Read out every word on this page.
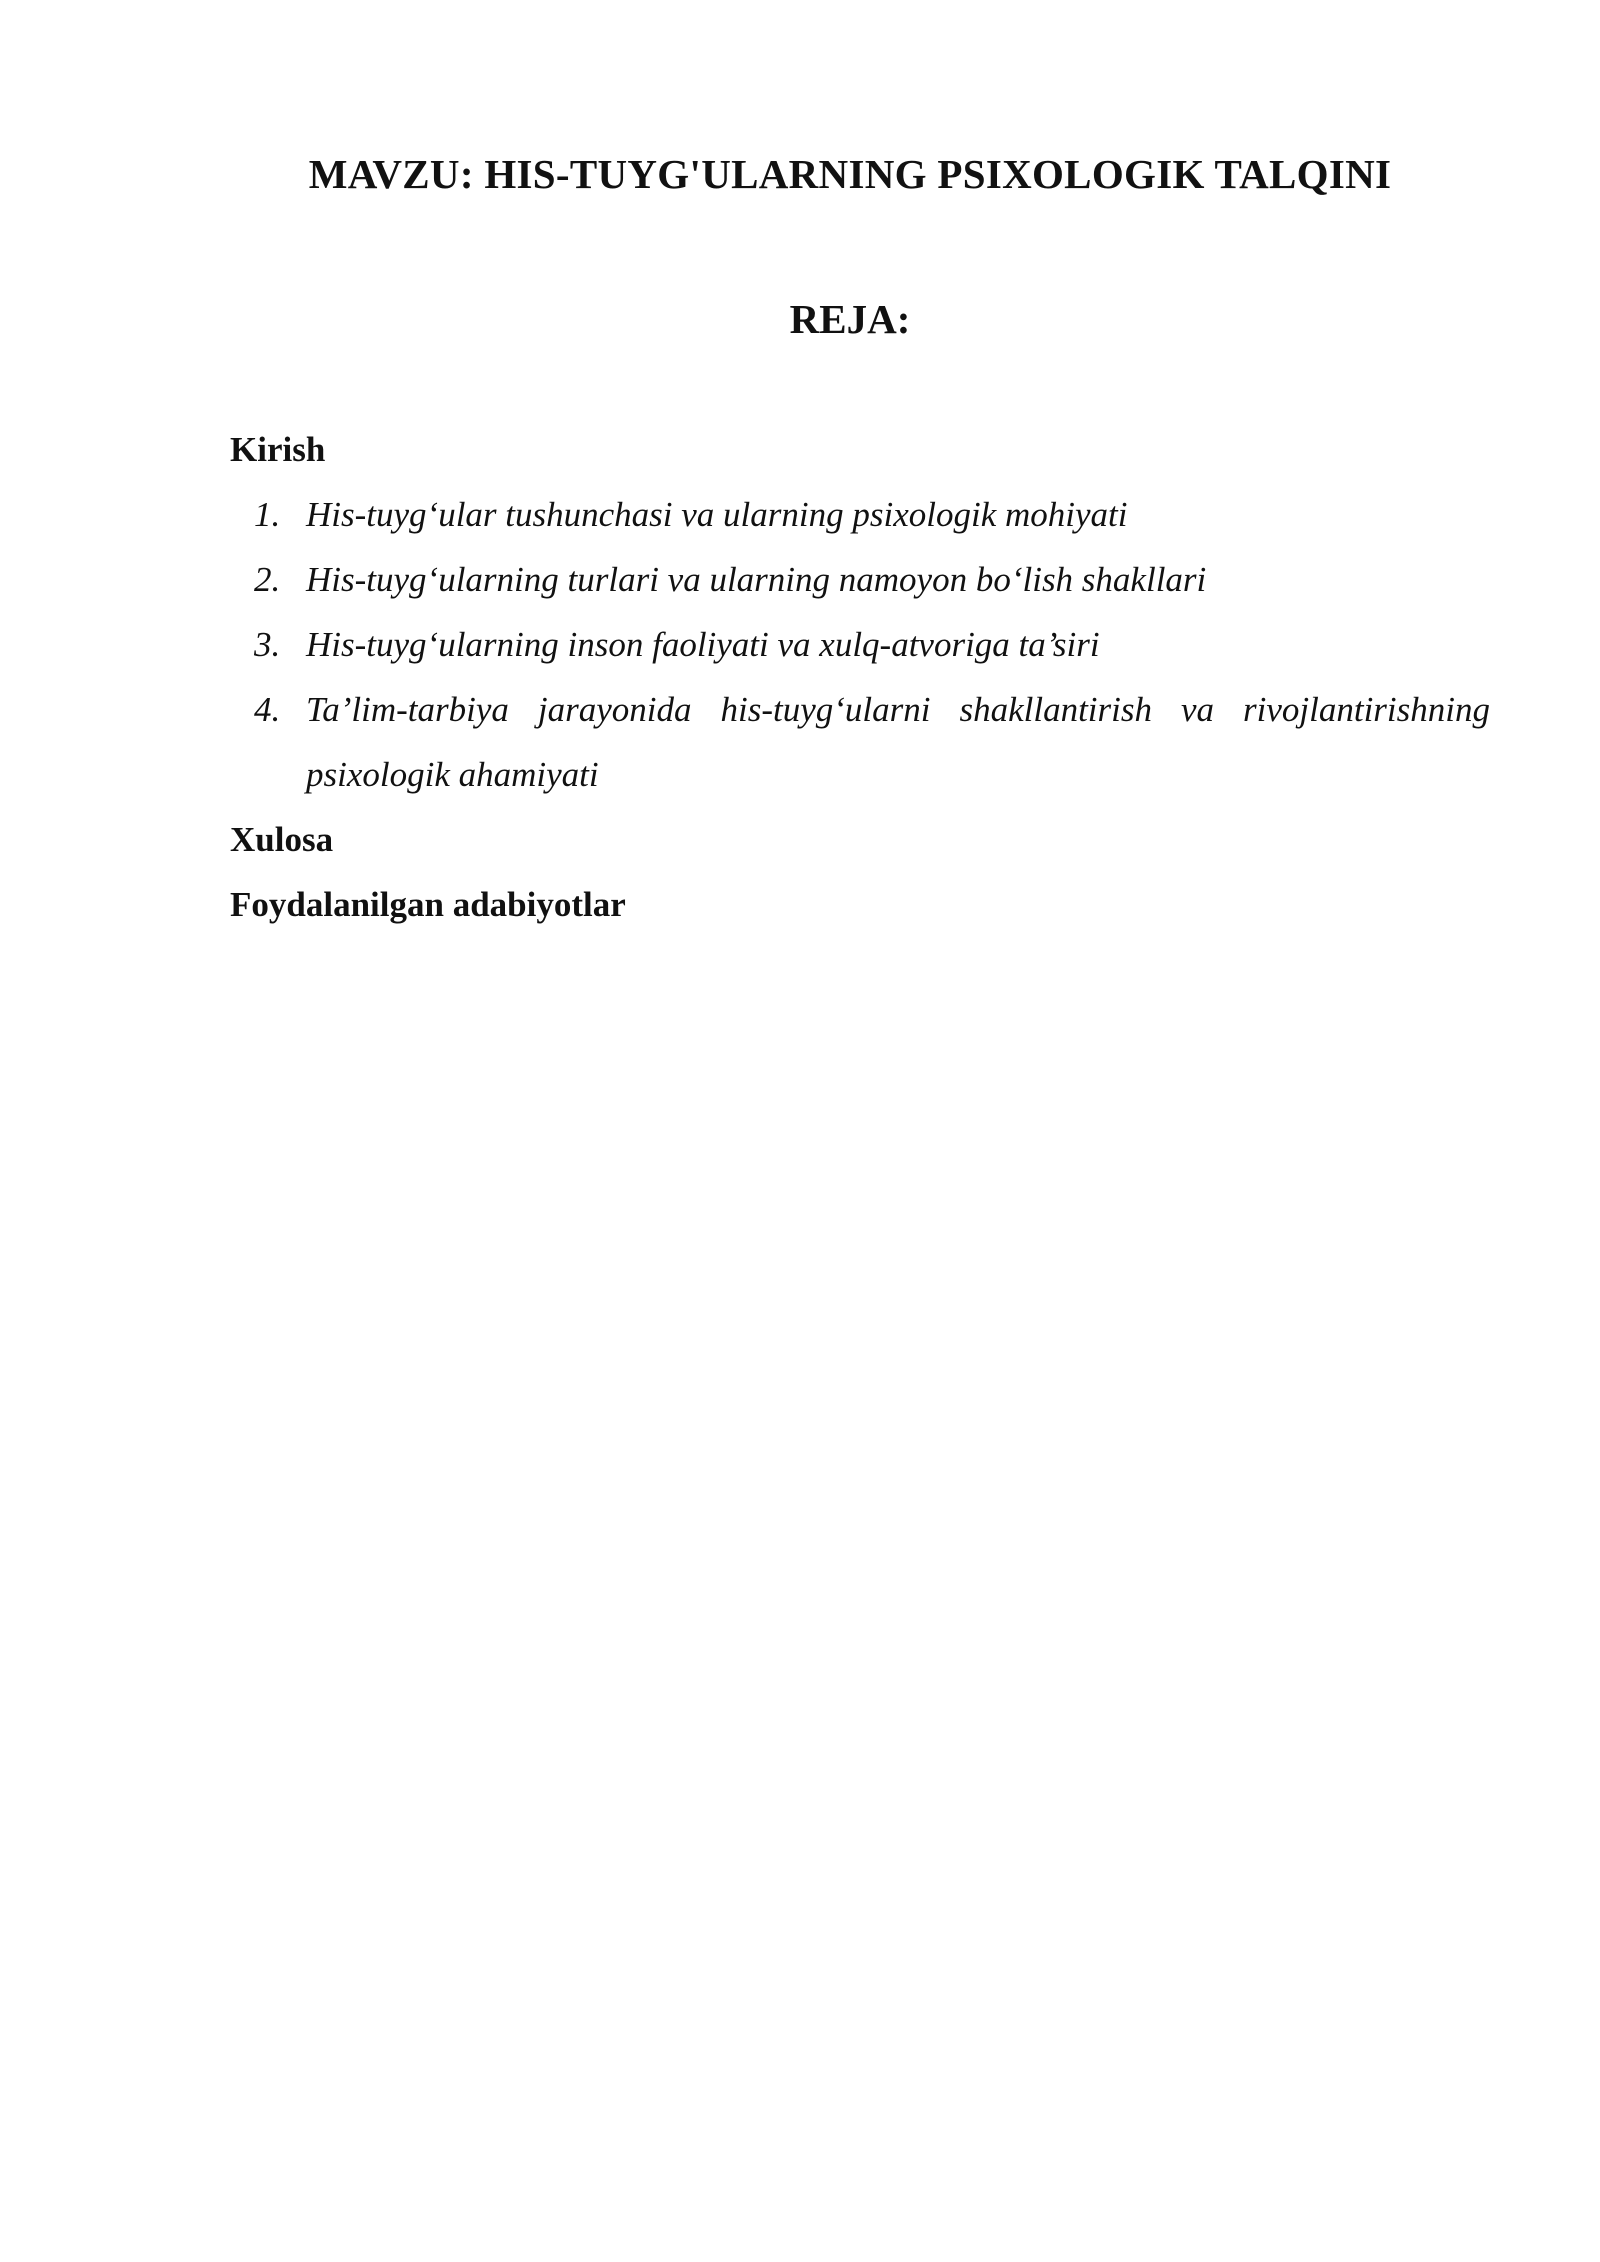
MAVZU: HIS-TUYG'ULARNING PSIXOLOGIK TALQINI
REJA:
Kirish
1. His-tuyg‘ular tushunchasi va ularning psixologik mohiyati
2. His-tuyg‘ularning turlari va ularning namoyon bo‘lish shakllari
3. His-tuyg‘ularning inson faoliyati va xulq-atvoriga ta’siri
4. Ta’lim-tarbiya jarayonida his-tuyg‘ularni shakllantirish va rivojlantirishning psixologik ahamiyati
Xulosa
Foydalanilgan adabiyotlar
